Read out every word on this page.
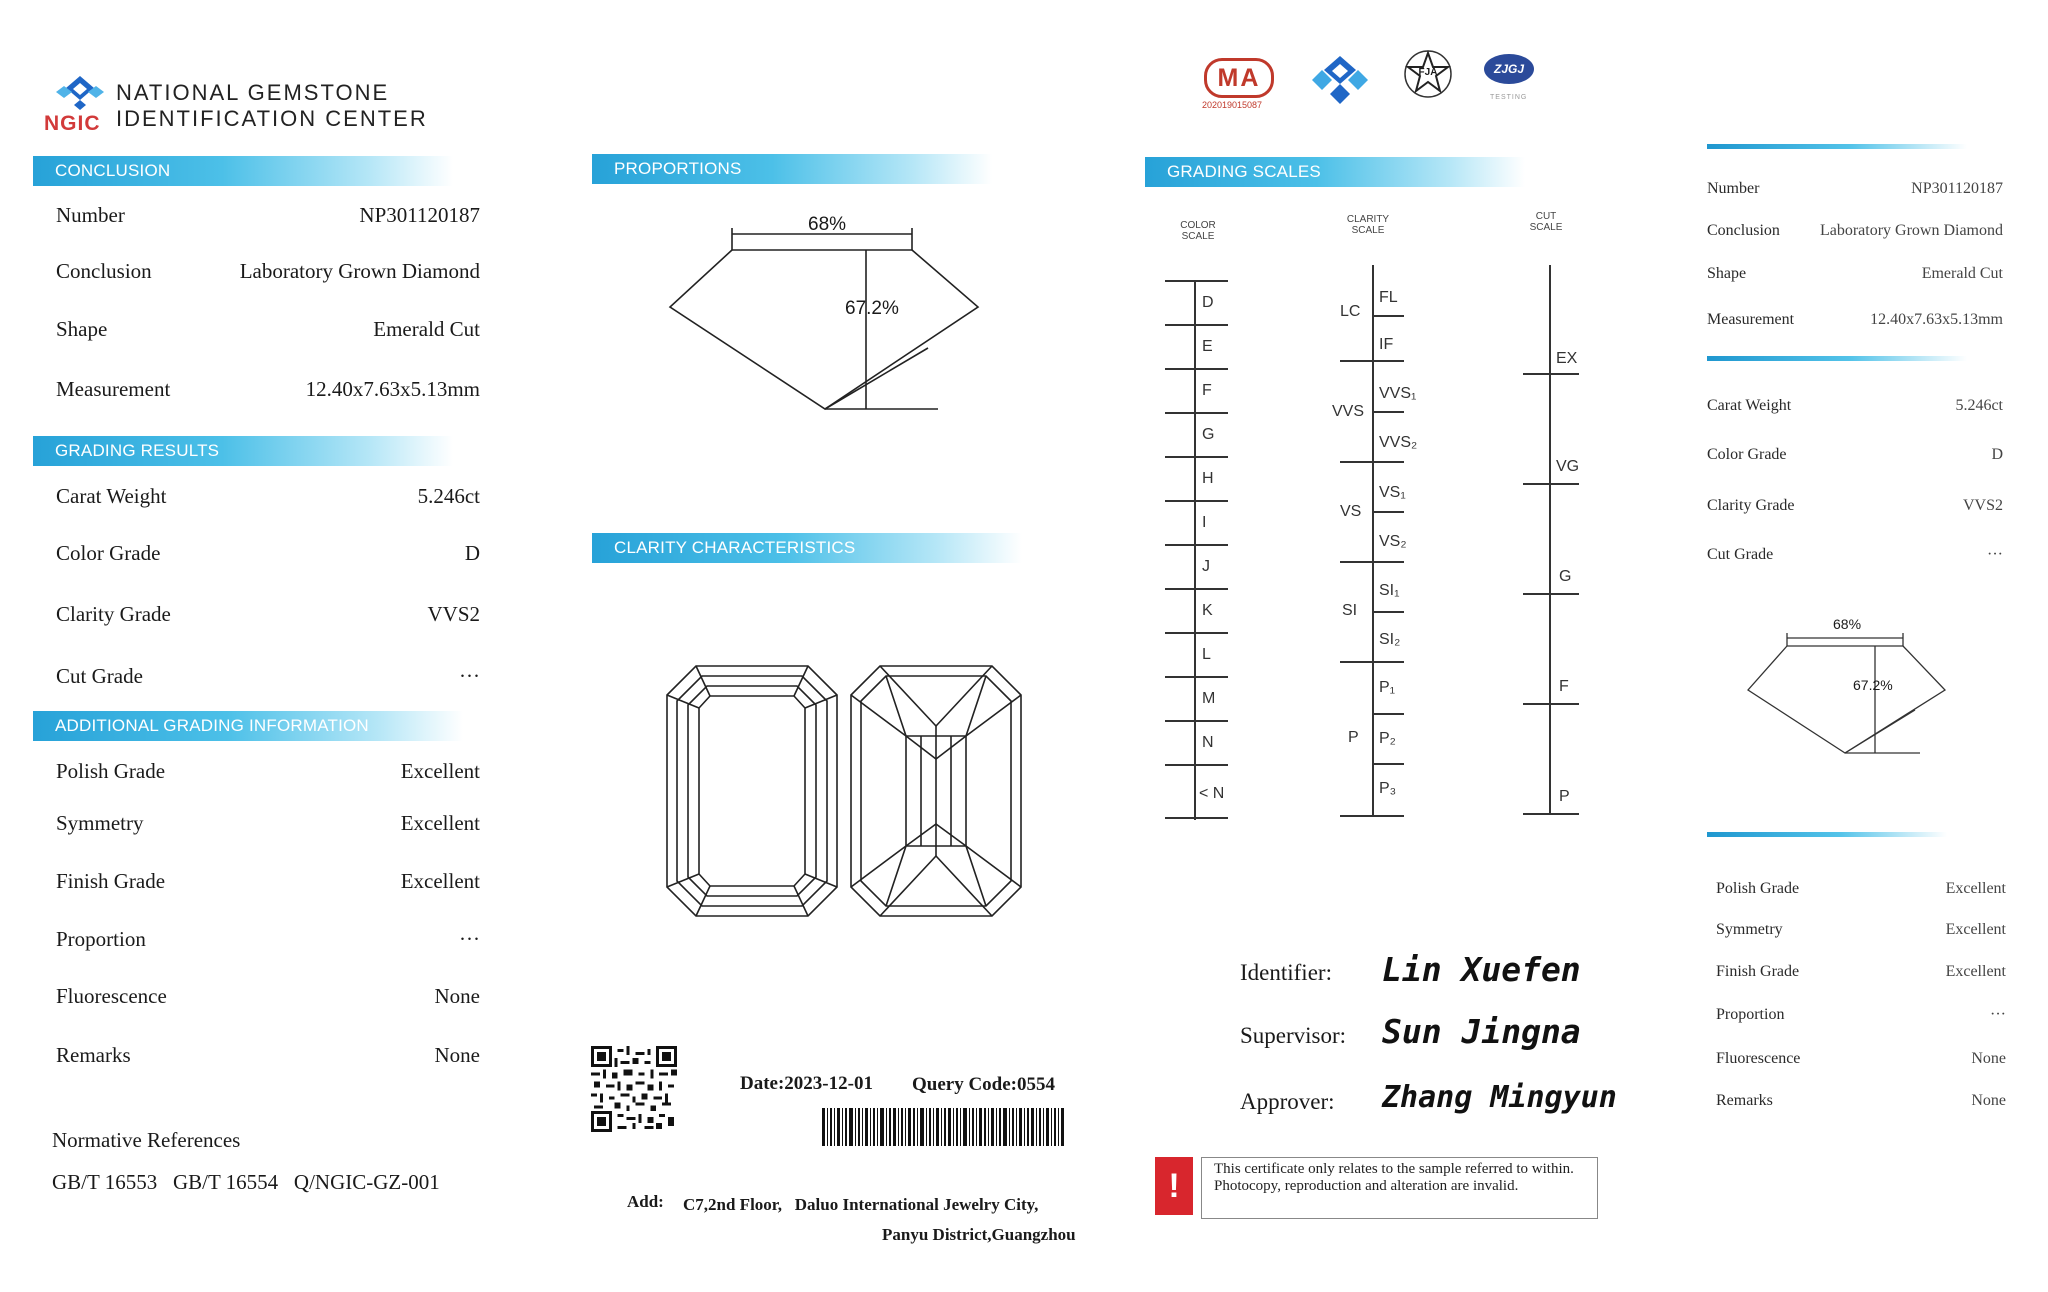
NGIC
NATIONAL GEMSTONE
IDENTIFICATION CENTER
CONCLUSION
Number	NP301120187
Conclusion	Laboratory Grown Diamond
Shape	Emerald Cut
Measurement	12.40x7.63x5.13mm
GRADING RESULTS
Carat Weight	5.246ct
Color Grade	D
Clarity Grade	VVS2
Cut Grade	···
ADDITIONAL GRADING INFORMATION
Polish Grade	Excellent
Symmetry	Excellent
Finish Grade	Excellent
Proportion	···
Fluorescence	None
Remarks	None
Normative References
GB/T 16553   GB/T 16554   Q/NGIC-GZ-001
PROPORTIONS
68%
67.2%
CLARITY CHARACTERISTICS
Date:2023-12-01 Query Code:0554
Add: C7,2nd Floor,   Daluo International Jewelry City,
Panyu District,Guangzhou
MA
202019015087
FJA	ZJGJ
TESTING
GRADING SCALES
COLOR
SCALE
CLARITY
SCALE
CUT
SCALE
D
E
F
G
H
I
J
K
L
M
N
< N
LC
VVS
VS
SI
P
FL
IF
VVS₁
VVS₂
VS₁
VS₂
SI₁
SI₂
P₁
P₂
P₃
EX
VG
G
F
P
Identifier: Lin Xuefen
Supervisor: Sun Jingna
Approver: Zhang Mingyun
!	This certificate only relates to the sample referred to within. Photocopy, reproduction and alteration are invalid.
Number	NP301120187
Conclusion	Laboratory Grown Diamond
Shape	Emerald Cut
Measurement	12.40x7.63x5.13mm
Carat Weight	5.246ct
Color Grade	D
Clarity Grade	VVS2
Cut Grade	···
68%
67.2%
Polish Grade	Excellent
Symmetry	Excellent
Finish Grade	Excellent
Proportion	···
Fluorescence	None
Remarks	None
